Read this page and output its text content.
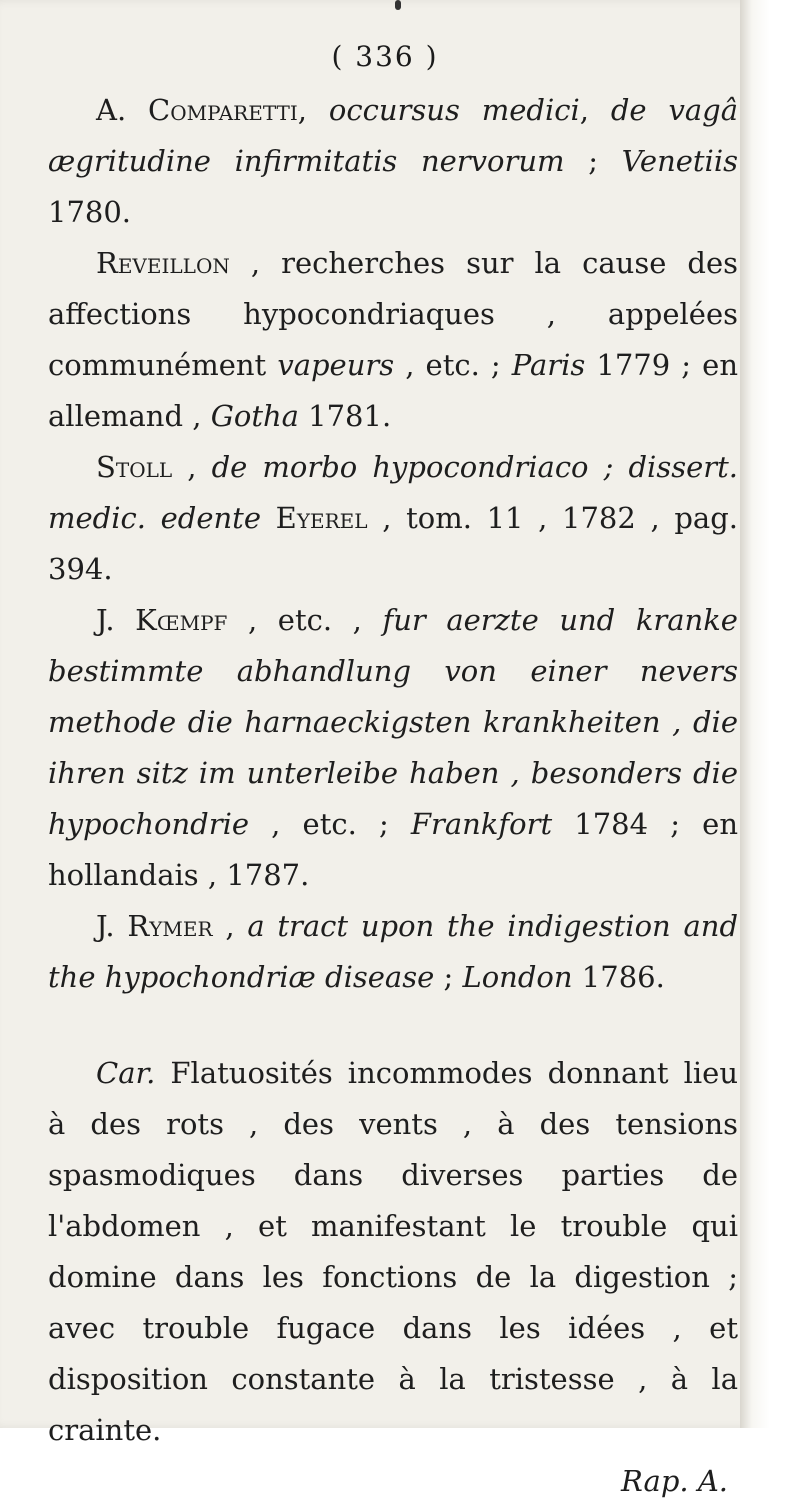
( 336 )

A. Comparetti, occursus medici, de vagâ ægritudine infirmitatis nervorum ; Venetiis 1780.

Reveillon , recherches sur la cause des affections hypocondriaques , appelées communément vapeurs , etc. ; Paris 1779 ; en allemand , Gotha 1781.

Stoll , de morbo hypocondriaco ; dissert. medic. edente Eyerel , tom. 11 , 1782 , pag. 394.

J. Kœmpf , etc. , fur aerzte und kranke bestimmte abhandlung von einer nevers methode die harnaeckigsten krankheiten , die ihren sitz im unterleibe haben , besonders die hypochondrie , etc. ; Frankfort 1784 ; en hollandais , 1787.

J. Rymer , a tract upon the indigestion and the hypochondriæ disease ; London 1786.

Car. Flatuosités incommodes donnant lieu à des rots , des vents , à des tensions spasmodiques dans diverses parties de l'abdomen , et manifestant le trouble qui domine dans les fonctions de la digestion ; avec trouble fugace dans les idées , et disposition constante à la tristesse , à la crainte.

Rap. A.
